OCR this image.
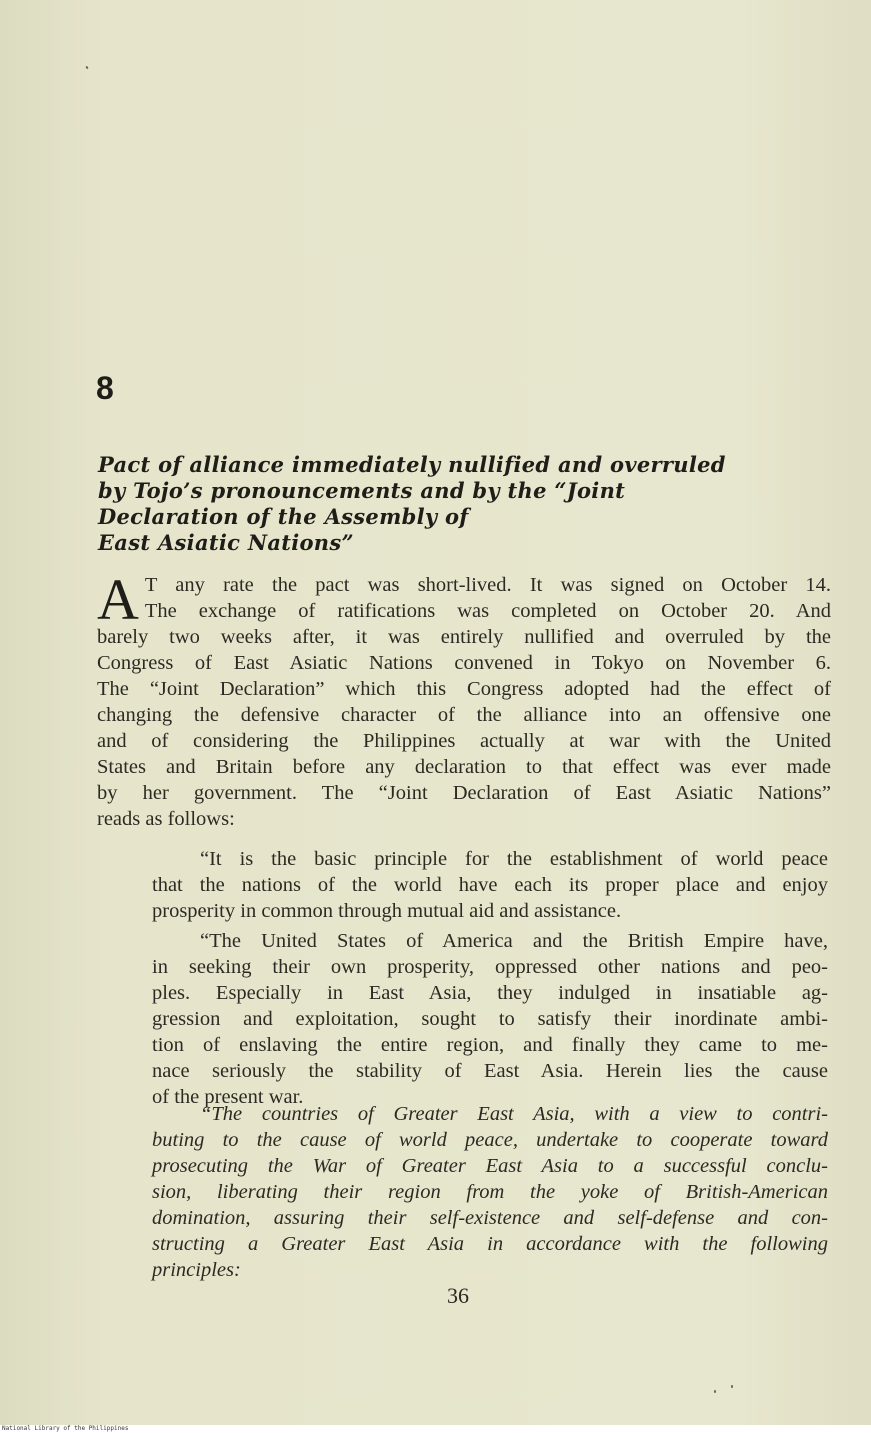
8
Pact of alliance immediately nullified and overruled
by Tojo’s pronouncements and by the “Joint
Declaration of the Assembly of
East Asiatic Nations”
A T any rate the pact was short-lived. It was signed on October 14.
The exchange of ratifications was completed on October 20. And
barely two weeks after, it was entirely nullified and overruled by the
Congress of East Asiatic Nations convened in Tokyo on November 6.
The “Joint Declaration” which this Congress adopted had the effect of
changing the defensive character of the alliance into an offensive one
and of considering the Philippines actually at war with the United
States and Britain before any declaration to that effect was ever made
by her government. The “Joint Declaration of East Asiatic Nations”
reads as follows:
“It is the basic principle for the establishment of world peace
that the nations of the world have each its proper place and enjoy
prosperity in common through mutual aid and assistance.
“The United States of America and the British Empire have,
in seeking their own prosperity, oppressed other nations and peo-
ples. Especially in East Asia, they indulged in insatiable ag-
gression and exploitation, sought to satisfy their inordinate ambi-
tion of enslaving the entire region, and finally they came to me-
nace seriously the stability of East Asia. Herein lies the cause
of the present war.
“The countries of Greater East Asia, with a view to contri-
buting to the cause of world peace, undertake to cooperate toward
prosecuting the War of Greater East Asia to a successful conclu-
sion, liberating their region from the yoke of British-American
domination, assuring their self-existence and self-defense and con-
structing a Greater East Asia in accordance with the following
principles:
36
National Library of the Philippines
